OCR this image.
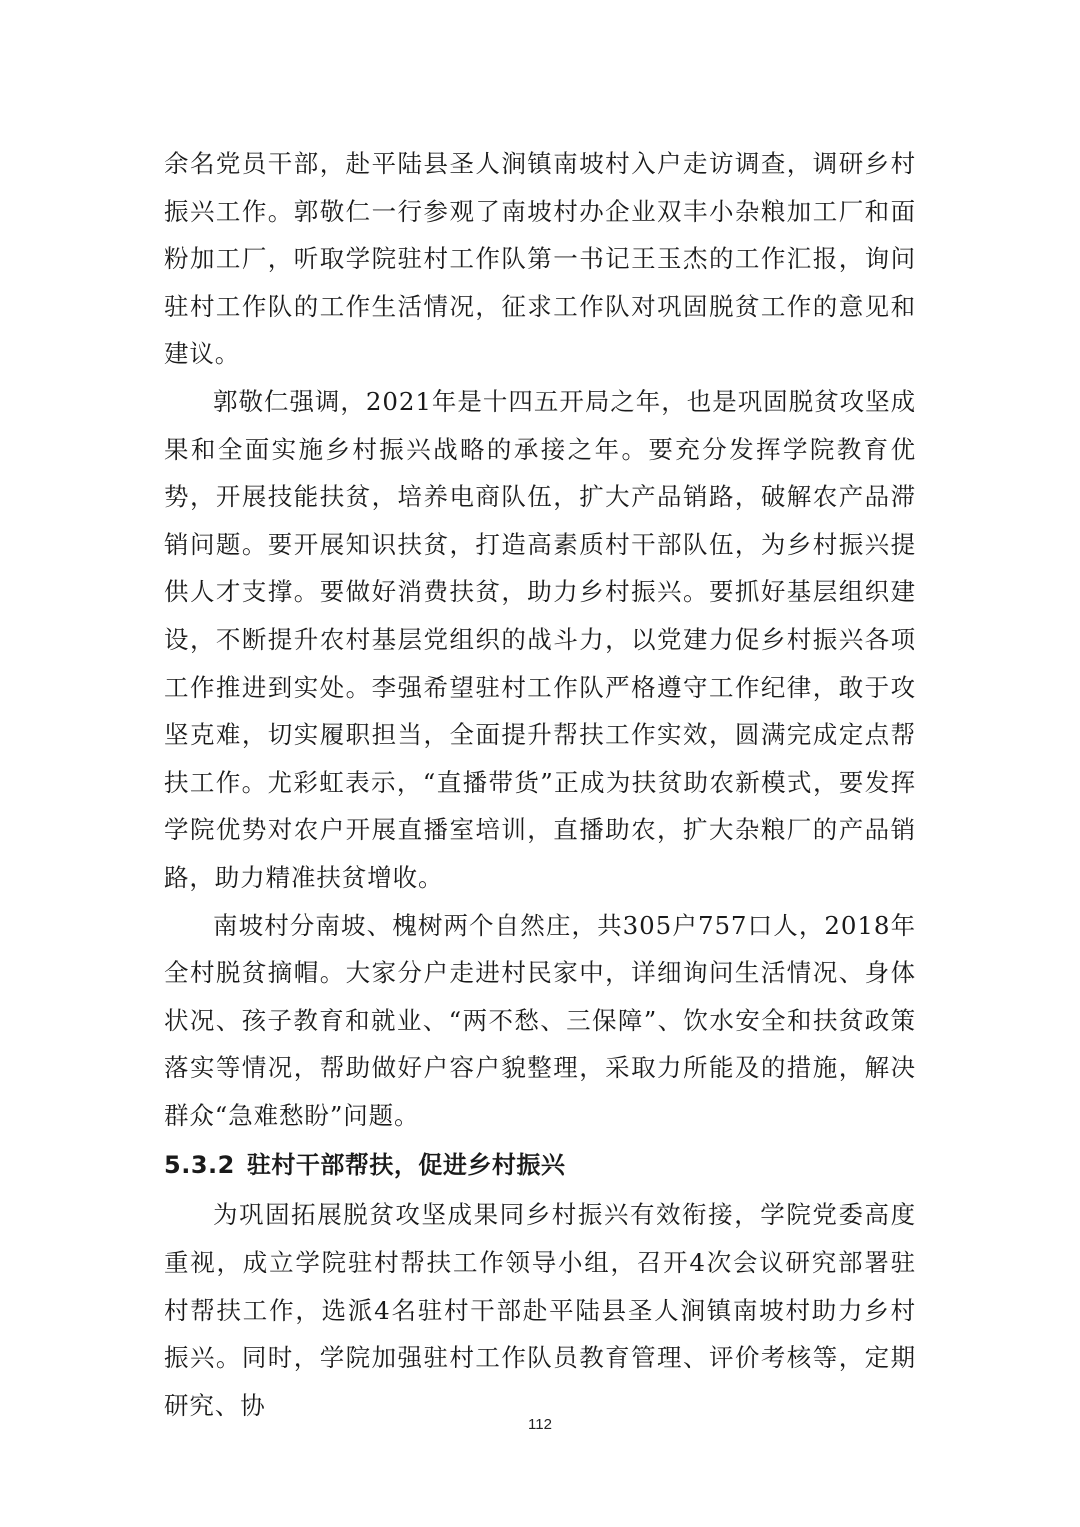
余名党员干部，赴平陆县圣人涧镇南坡村入户走访调查，调研乡村振兴工作。郭敬仁一行参观了南坡村办企业双丰小杂粮加工厂和面粉加工厂，听取学院驻村工作队第一书记王玉杰的工作汇报，询问驻村工作队的工作生活情况，征求工作队对巩固脱贫工作的意见和建议。

郭敬仁强调，2021年是十四五开局之年，也是巩固脱贫攻坚成果和全面实施乡村振兴战略的承接之年。要充分发挥学院教育优势，开展技能扶贫，培养电商队伍，扩大产品销路，破解农产品滞销问题。要开展知识扶贫，打造高素质村干部队伍，为乡村振兴提供人才支撑。要做好消费扶贫，助力乡村振兴。要抓好基层组织建设，不断提升农村基层党组织的战斗力，以党建力促乡村振兴各项工作推进到实处。李强希望驻村工作队严格遵守工作纪律，敢于攻坚克难，切实履职担当，全面提升帮扶工作实效，圆满完成定点帮扶工作。尤彩虹表示，“直播带货”正成为扶贫助农新模式，要发挥学院优势对农户开展直播室培训，直播助农，扩大杂粮厂的产品销路，助力精准扶贫增收。

南坡村分南坡、槐树两个自然庄，共305户757口人，2018年全村脱贫摘帽。大家分户走进村民家中，详细询问生活情况、身体状况、孩子教育和就业、“两不愁、三保障”、饮水安全和扶贫政策落实等情况，帮助做好户容户貌整理，采取力所能及的措施，解决群众“急难愁盼”问题。

5.3.2 驻村干部帮扶，促进乡村振兴

为巩固拓展脱贫攻坚成果同乡村振兴有效衔接，学院党委高度重视，成立学院驻村帮扶工作领导小组，召开4次会议研究部署驻村帮扶工作，选派4名驻村干部赴平陆县圣人涧镇南坡村助力乡村振兴。同时，学院加强驻村工作队员教育管理、评价考核等，定期研究、协

112
